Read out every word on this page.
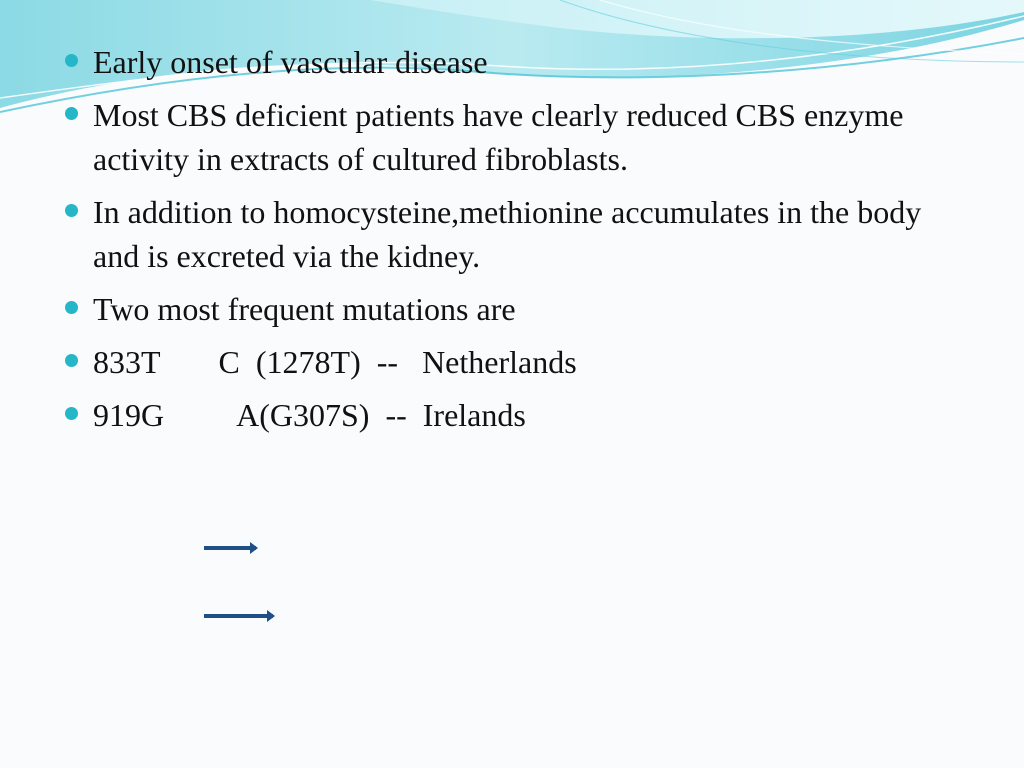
Early onset of vascular disease
Most CBS deficient patients have clearly reduced CBS enzyme activity in extracts of cultured fibroblasts.
In addition to homocysteine,methionine accumulates in the body and is excreted via the kidney.
Two most frequent mutations are
833T C (1278T) -- Netherlands
919G A(G307S) -- Irelands
